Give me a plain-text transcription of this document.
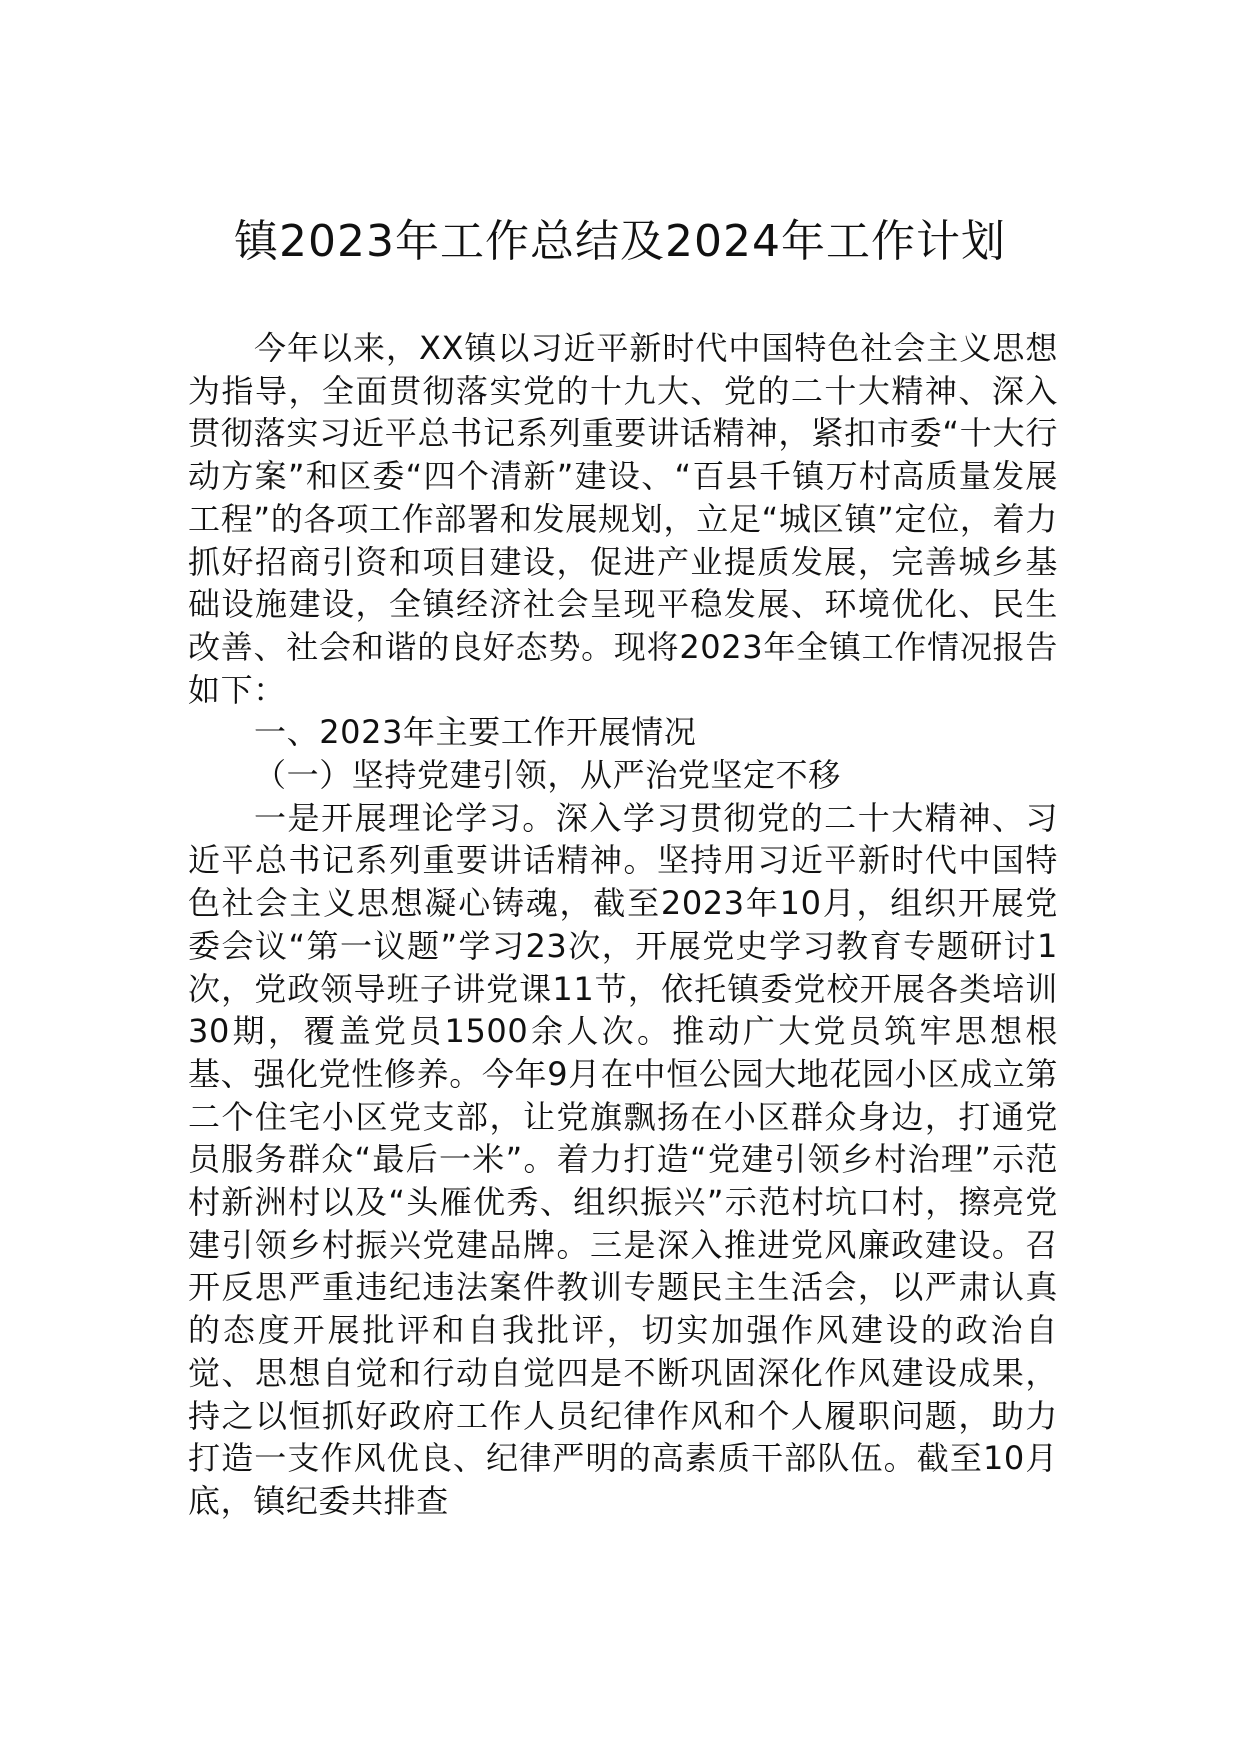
镇2023年工作总结及2024年工作计划

今年以来，XX镇以习近平新时代中国特色社会主义思想为指导，全面贯彻落实党的十九大、党的二十大精神、深入贯彻落实习近平总书记系列重要讲话精神，紧扣市委“十大行动方案”和区委“四个清新”建设、“百县千镇万村高质量发展工程”的各项工作部署和发展规划，立足“城区镇”定位，着力抓好招商引资和项目建设，促进产业提质发展，完善城乡基础设施建设，全镇经济社会呈现平稳发展、环境优化、民生改善、社会和谐的良好态势。现将2023年全镇工作情况报告如下：

一、2023年主要工作开展情况

（一）坚持党建引领，从严治党坚定不移

一是开展理论学习。深入学习贯彻党的二十大精神、习近平总书记系列重要讲话精神。坚持用习近平新时代中国特色社会主义思想凝心铸魂，截至2023年10月，组织开展党委会议“第一议题”学习23次，开展党史学习教育专题研讨1次，党政领导班子讲党课11节，依托镇委党校开展各类培训30期，覆盖党员1500余人次。推动广大党员筑牢思想根基、强化党性修养。今年9月在中恒公园大地花园小区成立第二个住宅小区党支部，让党旗飘扬在小区群众身边，打通党员服务群众“最后一米”。着力打造“党建引领乡村治理”示范村新洲村以及“头雁优秀、组织振兴”示范村坑口村，擦亮党建引领乡村振兴党建品牌。三是深入推进党风廉政建设。召开反思严重违纪违法案件教训专题民主生活会，以严肃认真的态度开展批评和自我批评，切实加强作风建设的政治自觉、思想自觉和行动自觉四是不断巩固深化作风建设成果，持之以恒抓好政府工作人员纪律作风和个人履职问题，助力打造一支作风优良、纪律严明的高素质干部队伍。截至10月底，镇纪委共排查
